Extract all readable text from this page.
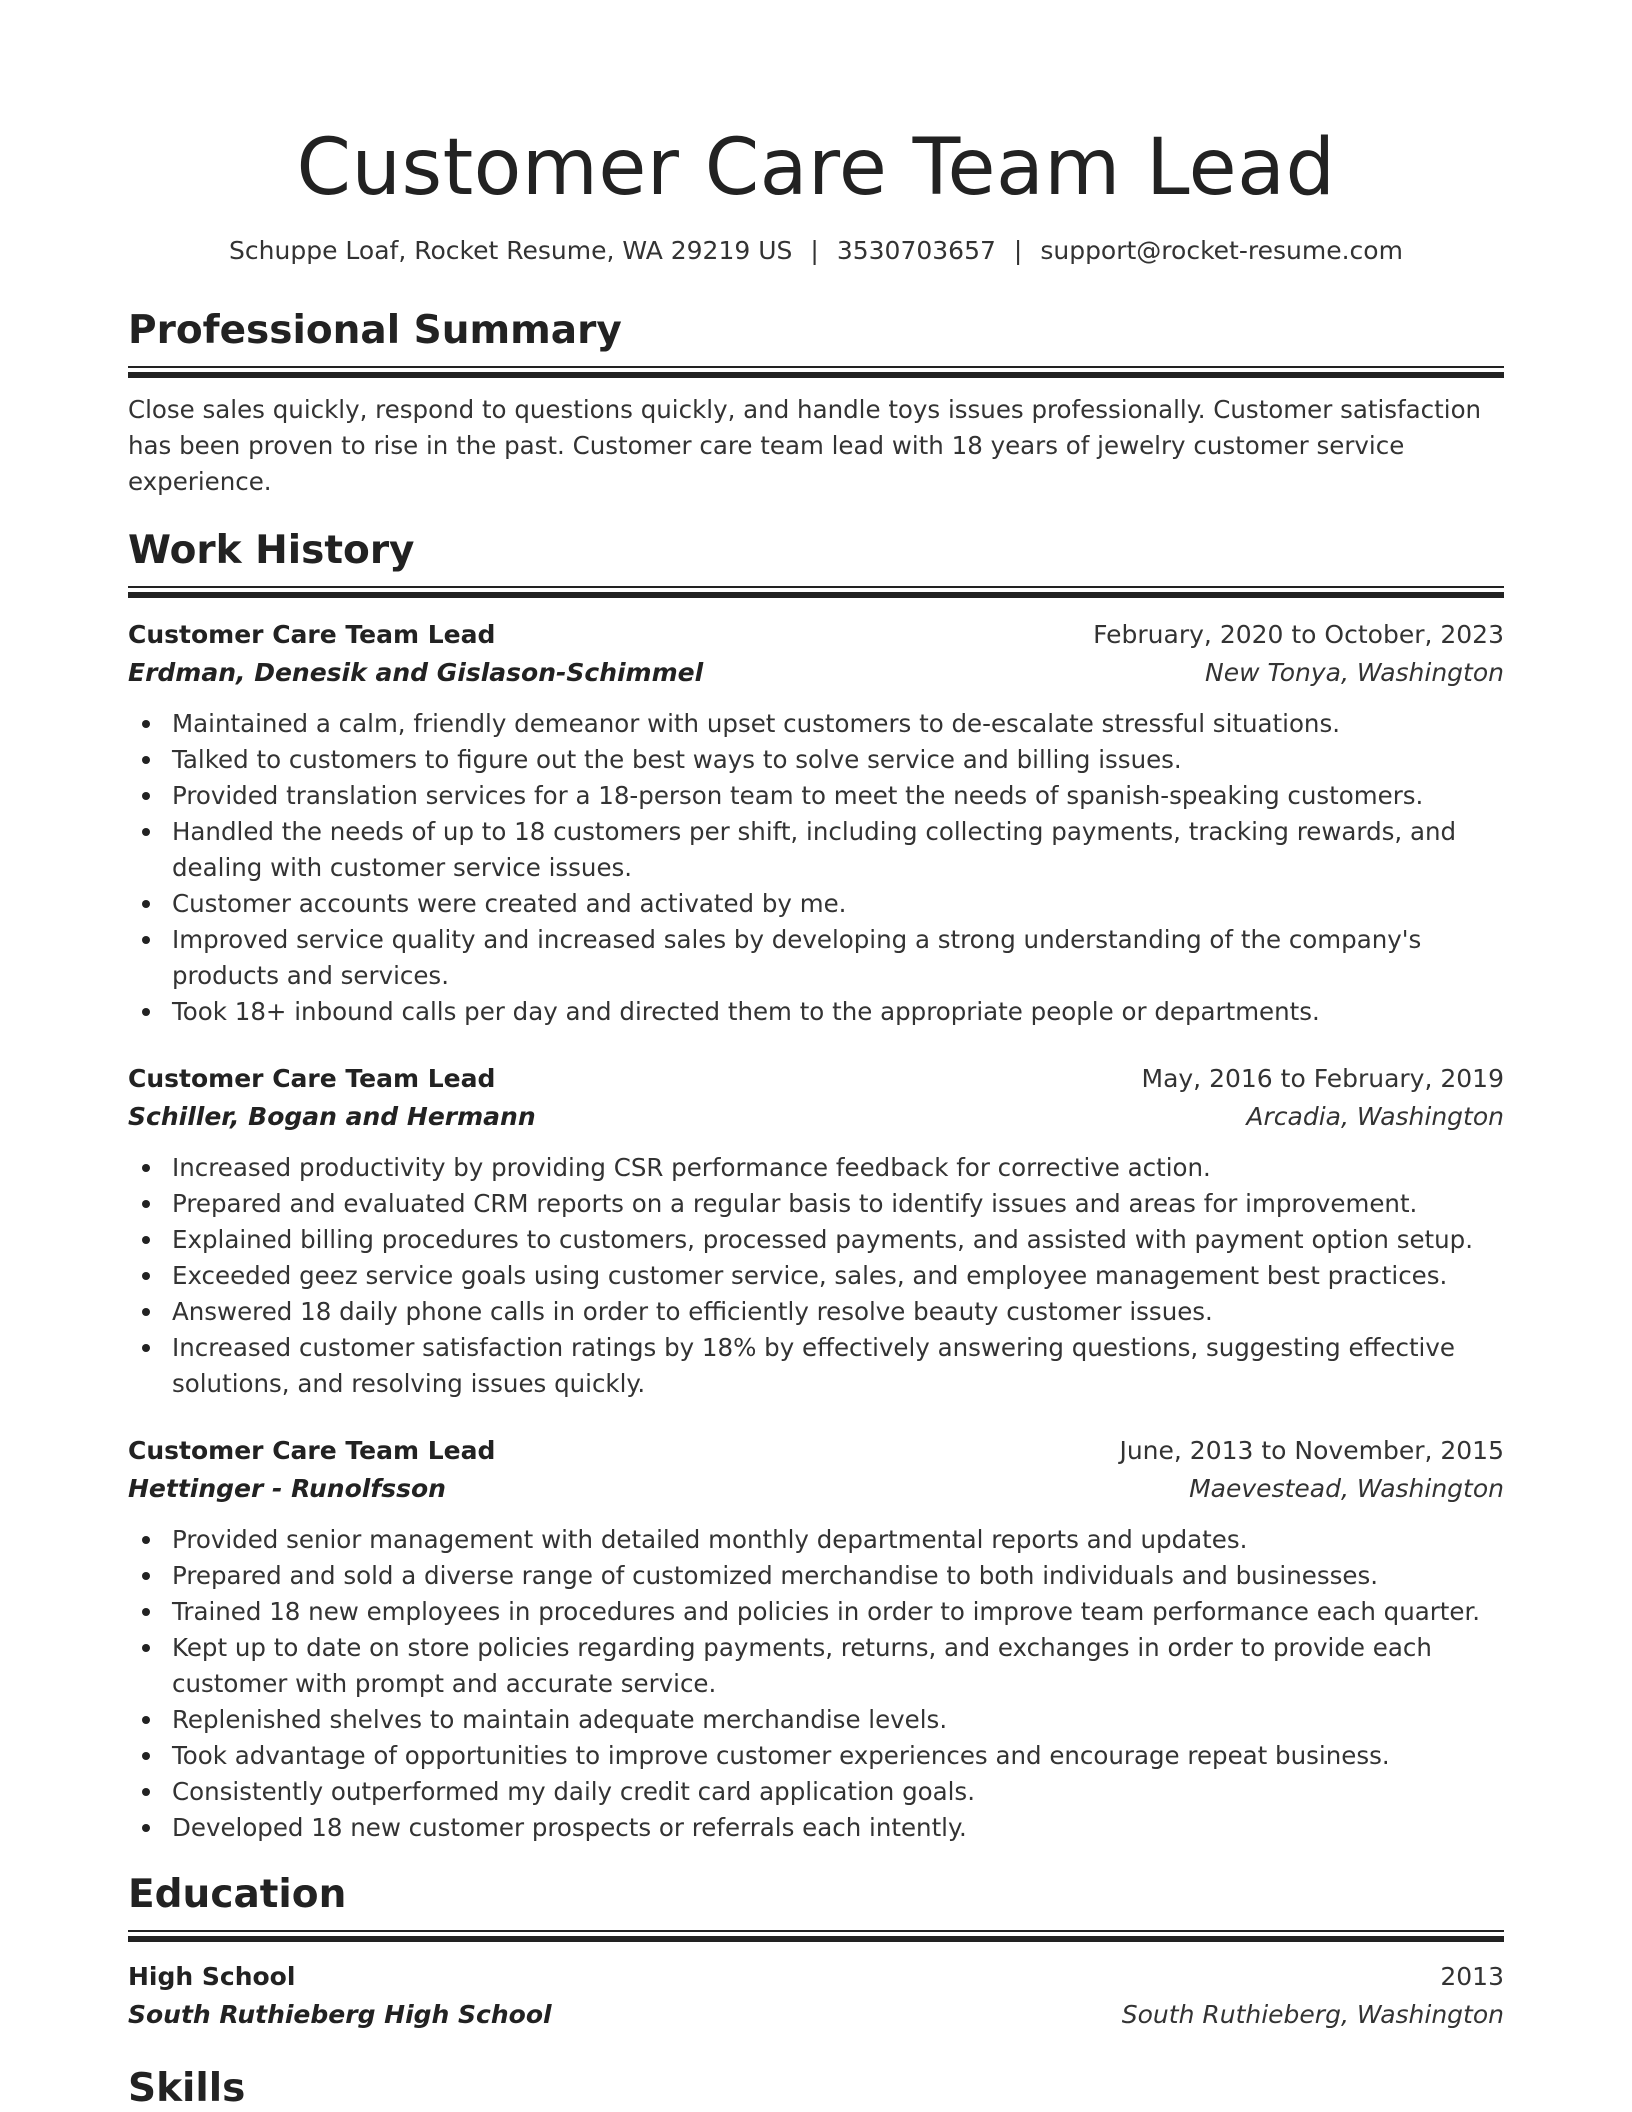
Customer Care Team Lead
Schuppe Loaf, Rocket Resume, WA 29219 US | 3530703657 | support@rocket-resume.com
Professional Summary

Close sales quickly, respond to questions quickly, and handle toys issues professionally. Customer satisfaction has been proven to rise in the past. Customer care team lead with 18 years of jewelry customer service experience.

Work History
Customer Care Team Lead	February, 2020 to October, 2023
Erdman, Denesik and Gislason-Schimmel	New Tonya, Washington
Maintained a calm, friendly demeanor with upset customers to de-escalate stressful situations.
Talked to customers to figure out the best ways to solve service and billing issues.
Provided translation services for a 18-person team to meet the needs of spanish-speaking customers.
Handled the needs of up to 18 customers per shift, including collecting payments, tracking rewards, and dealing with customer service issues.
Customer accounts were created and activated by me.
Improved service quality and increased sales by developing a strong understanding of the company's products and services.
Took 18+ inbound calls per day and directed them to the appropriate people or departments.
Customer Care Team Lead	May, 2016 to February, 2019
Schiller, Bogan and Hermann	Arcadia, Washington
Increased productivity by providing CSR performance feedback for corrective action.
Prepared and evaluated CRM reports on a regular basis to identify issues and areas for improvement.
Explained billing procedures to customers, processed payments, and assisted with payment option setup.
Exceeded geez service goals using customer service, sales, and employee management best practices.
Answered 18 daily phone calls in order to efficiently resolve beauty customer issues.
Increased customer satisfaction ratings by 18% by effectively answering questions, suggesting effective solutions, and resolving issues quickly.
Customer Care Team Lead	June, 2013 to November, 2015
Hettinger - Runolfsson	Maevestead, Washington
Provided senior management with detailed monthly departmental reports and updates.
Prepared and sold a diverse range of customized merchandise to both individuals and businesses.
Trained 18 new employees in procedures and policies in order to improve team performance each quarter.
Kept up to date on store policies regarding payments, returns, and exchanges in order to provide each customer with prompt and accurate service.
Replenished shelves to maintain adequate merchandise levels.
Took advantage of opportunities to improve customer experiences and encourage repeat business.
Consistently outperformed my daily credit card application goals.
Developed 18 new customer prospects or referrals each intently.
Education
High School	2013
South Ruthieberg High School	South Ruthieberg, Washington
Skills
